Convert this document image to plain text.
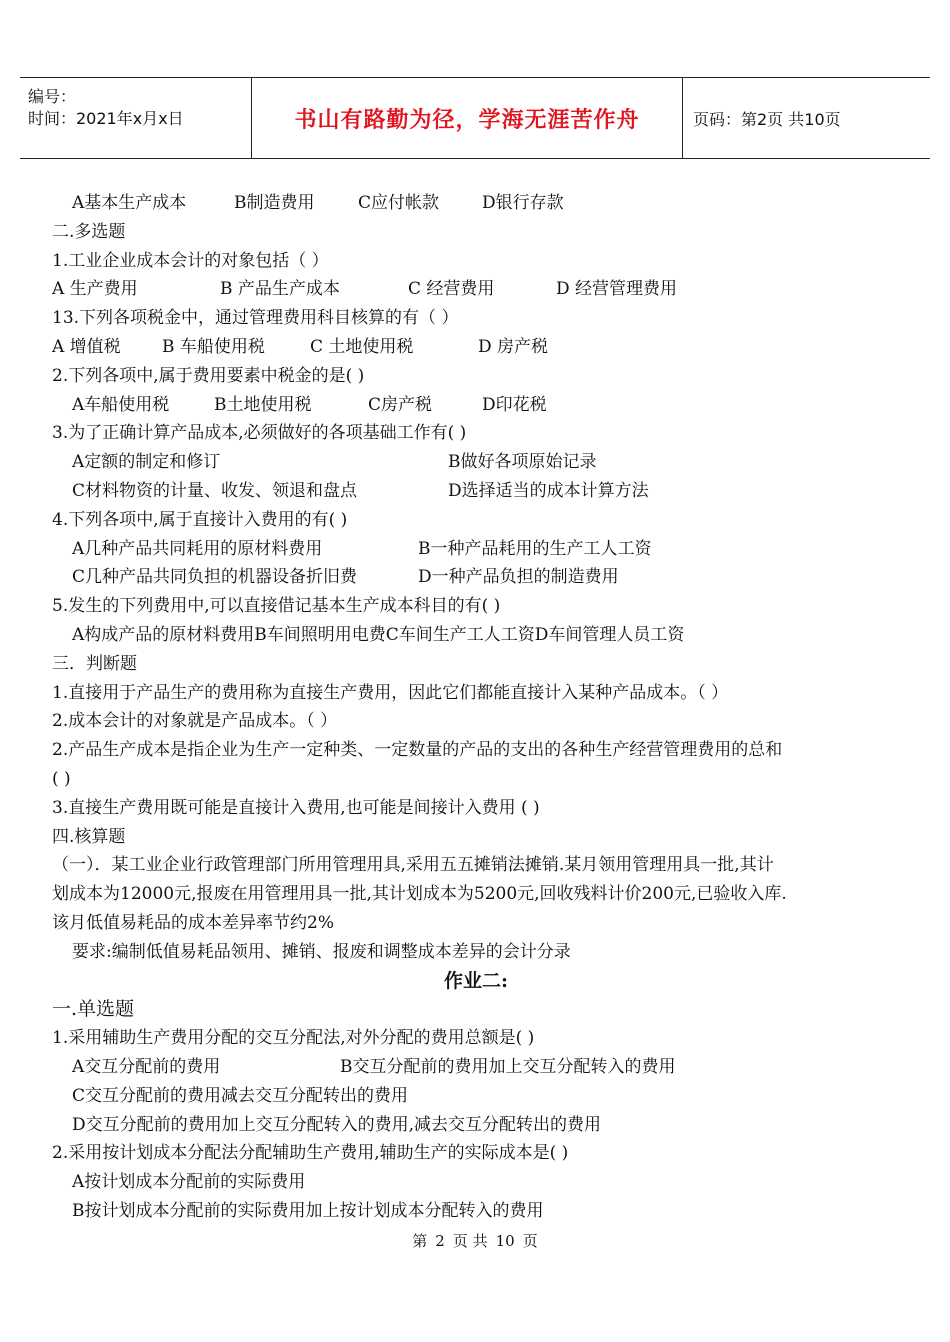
编号：
时间：2021年x月x日	书山有路勤为径，学海无涯苦作舟	页码：第2页 共10页
A基本生产成本	B制造费用	C应付帐款	D银行存款
二.多选题
1.工业企业成本会计的对象包括（ ）
A 生产费用	B 产品生产成本	C 经营费用	D 经营管理费用
13.下列各项税金中，通过管理费用科目核算的有（ ）
A 增值税 B 车船使用税	C 土地使用税	D 房产税
2.下列各项中,属于费用要素中税金的是( )
A车船使用税	B土地使用税	C房产税	D印花税
3.为了正确计算产品成本,必须做好的各项基础工作有( )
A定额的制定和修订	B做好各项原始记录
C材料物资的计量、收发、领退和盘点	D选择适当的成本计算方法
4.下列各项中,属于直接计入费用的有( )
A几种产品共同耗用的原材料费用	B一种产品耗用的生产工人工资
C几种产品共同负担的机器设备折旧费	D一种产品负担的制造费用
5.发生的下列费用中,可以直接借记基本生产成本科目的有( )
A构成产品的原材料费用B车间照明用电费C车间生产工人工资D车间管理人员工资
三．判断题
1.直接用于产品生产的费用称为直接生产费用，因此它们都能直接计入某种产品成本。（ ）
2.成本会计的对象就是产品成本。（ ）
2.产品生产成本是指企业为生产一定种类、一定数量的产品的支出的各种生产经营管理费用的总和
( )
3.直接生产费用既可能是直接计入费用,也可能是间接计入费用 ( )
四.核算题
（一）．某工业企业行政管理部门所用管理用具,采用五五摊销法摊销.某月领用管理用具一批,其计
划成本为12000元,报废在用管理用具一批,其计划成本为5200元,回收残料计价200元,已验收入库.
该月低值易耗品的成本差异率节约2%
要求:编制低值易耗品领用、摊销、报废和调整成本差异的会计分录
作业二:
一.单选题
1.采用辅助生产费用分配的交互分配法,对外分配的费用总额是( )
A交互分配前的费用	B交互分配前的费用加上交互分配转入的费用
C交互分配前的费用减去交互分配转出的费用
D交互分配前的费用加上交互分配转入的费用,减去交互分配转出的费用
2.采用按计划成本分配法分配辅助生产费用,辅助生产的实际成本是( )
A按计划成本分配前的实际费用
B按计划成本分配前的实际费用加上按计划成本分配转入的费用
第 2 页 共 10 页
